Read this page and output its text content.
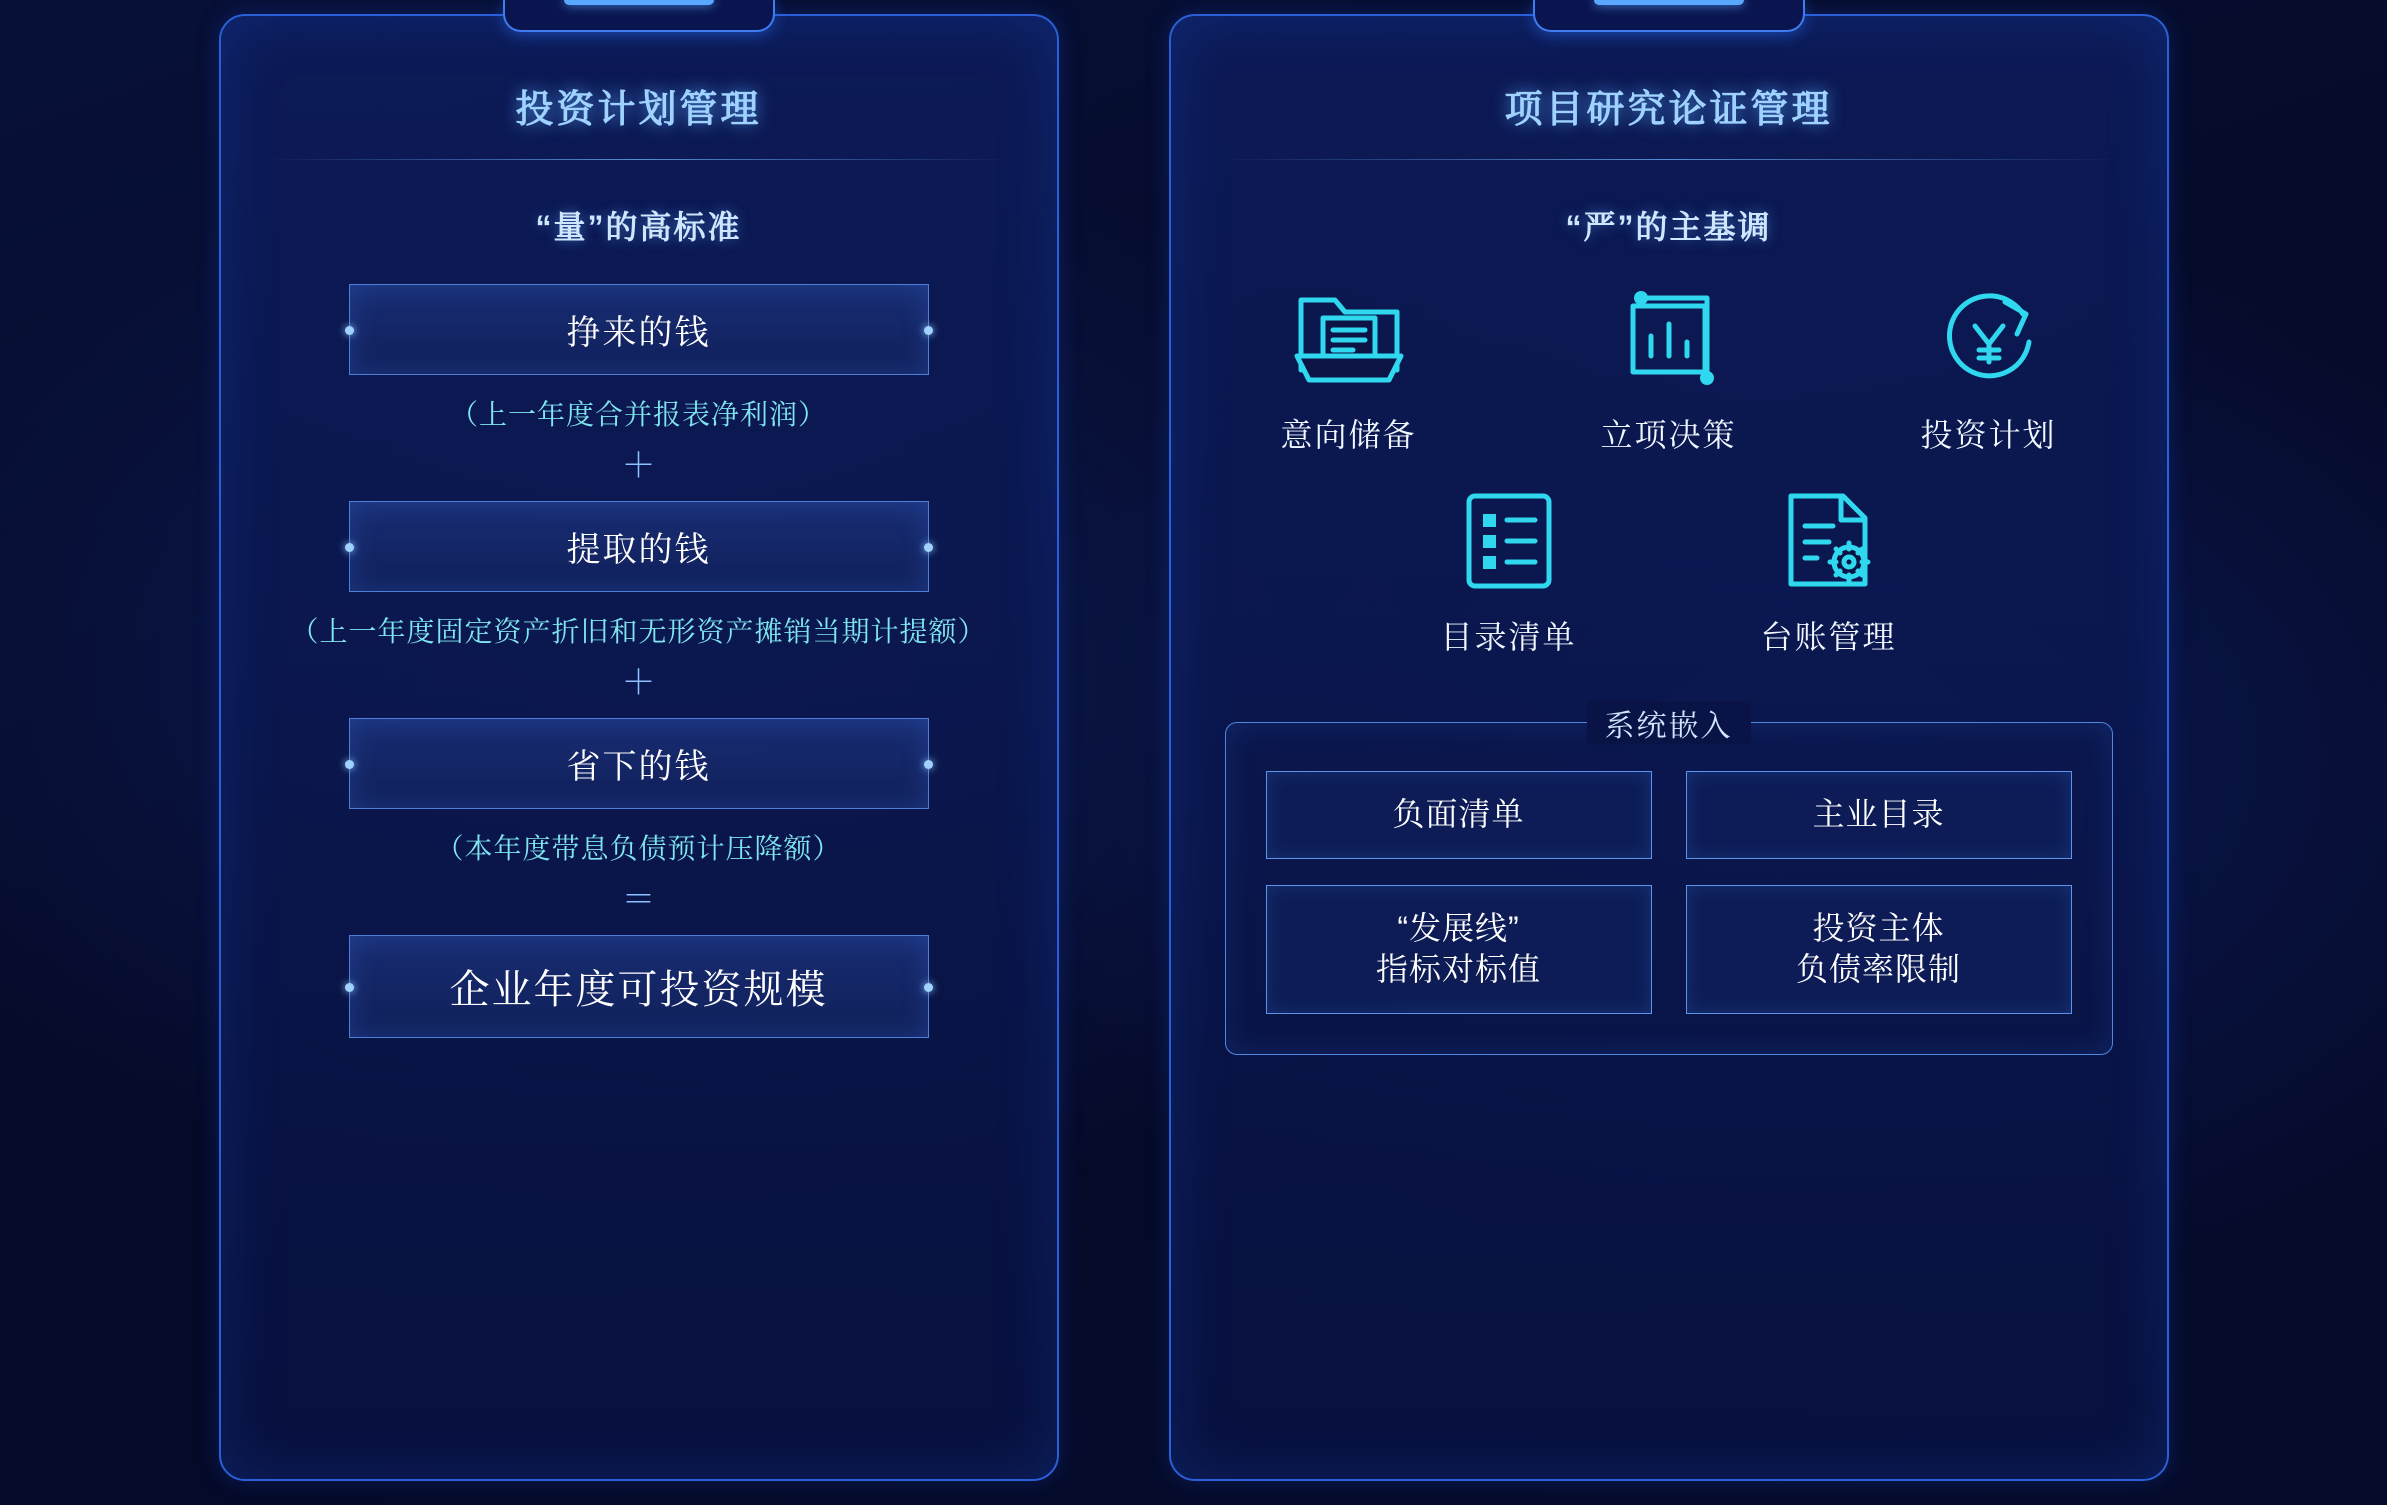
投资计划管理
“量”的高标准
挣来的钱
（上一年度合并报表净利润）
＋
提取的钱
（上一年度固定资产折旧和无形资产摊销当期计提额）
＋
省下的钱
（本年度带息负债预计压降额）
＝
企业年度可投资规模
项目研究论证管理
“严”的主基调
意向储备	立项决策	投资计划
目录清单	台账管理
系统嵌入
负面清单	主业目录
“发展线”
指标对标值
投资主体
负债率限制
